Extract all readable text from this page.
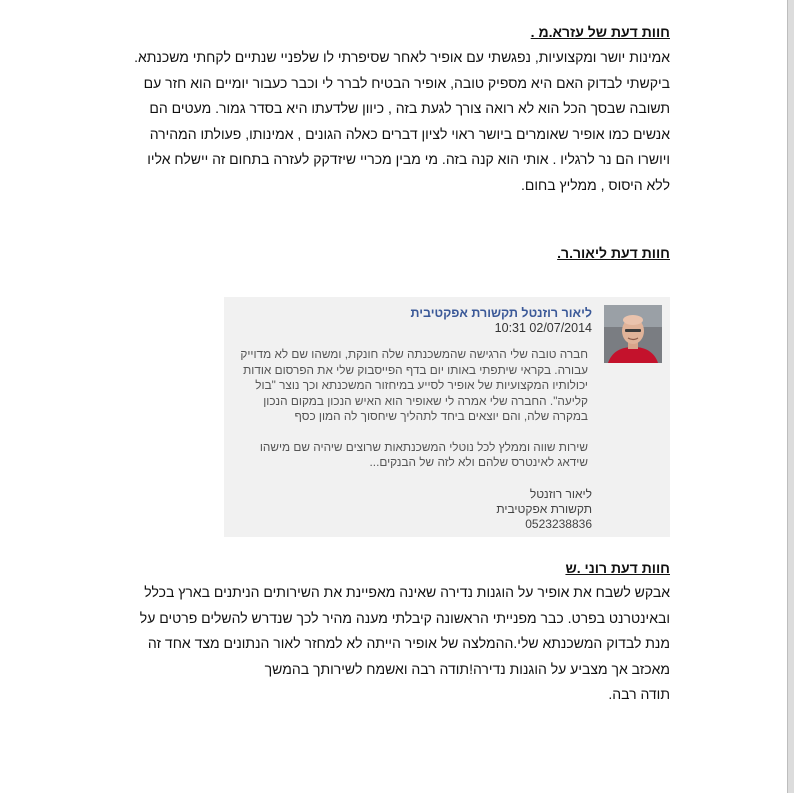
חוות דעת של עזרא.מ .
אמינות יושר ומקצועיות, נפגשתי עם אופיר לאחר שסיפרתי לו שלפניי שנתיים לקחתי משכנתא.
ביקשתי לבדוק האם היא מספיק טובה, אופיר הבטיח לברר לי וכבר כעבור יומיים הוא חזר עם
תשובה שבסך הכל הוא לא רואה צורך לגעת בזה , כיוון שלדעתו היא בסדר גמור. מעטים הם
אנשים כמו אופיר שאומרים ביושר ראוי לציון דברים כאלה הגונים , אמינותו, פעולתו המהירה
ויושרו הם נר לרגליו . אותי הוא קנה בזה. מי מבין מכריי שיזדקק לעזרה בתחום זה יישלח אליו
ללא היסוס , ממליץ בחום.
חוות דעת ליאור.ר.
ליאור רוזנטל תקשורת אפקטיבית
10:31 02/07/2014

חברה טובה שלי הרגישה שהמשכנתה שלה חונקת, ומשהו שם לא מדוייק עבורה. בקראי שיתפתי באותו יום בדף הפייסבוק שלי את הפרסום אודות יכולותיו המקצועיות של אופיר לסייע במיחזור המשכנתא וכך נוצר "בול קליעה". החברה שלי אמרה לי שאופיר הוא האיש הנכון במקום הנכון במקרה שלה, והם יוצאים ביחד לתהליך שיחסוך לה המון כסף

שירות שווה וממלץ לכל נוטלי המשכנתאות שרוצים שיהיה שם מישהו שידאג לאינטרס שלהם ולא לזה של הבנקים...

ליאור רוזנטל
תקשורת אפקטיבית
0523238836
חוות דעת רוני .ש
אבקש לשבח את אופיר על הוגנות נדירה שאינה מאפיינת את השירותים הניתנים בארץ בכלל
ובאינטרנט בפרט. כבר מפנייתי הראשונה קיבלתי מענה מהיר לכך שנדרש להשלים פרטים על
מנת לבדוק המשכנתא שלי.ההמלצה של אופיר הייתה לא למחזר לאור הנתונים מצד אחד זה
מאכזב אך מצביע על הוגנות נדירה!תודה רבה ואשמח לשירותך בהמשך
תודה רבה.
